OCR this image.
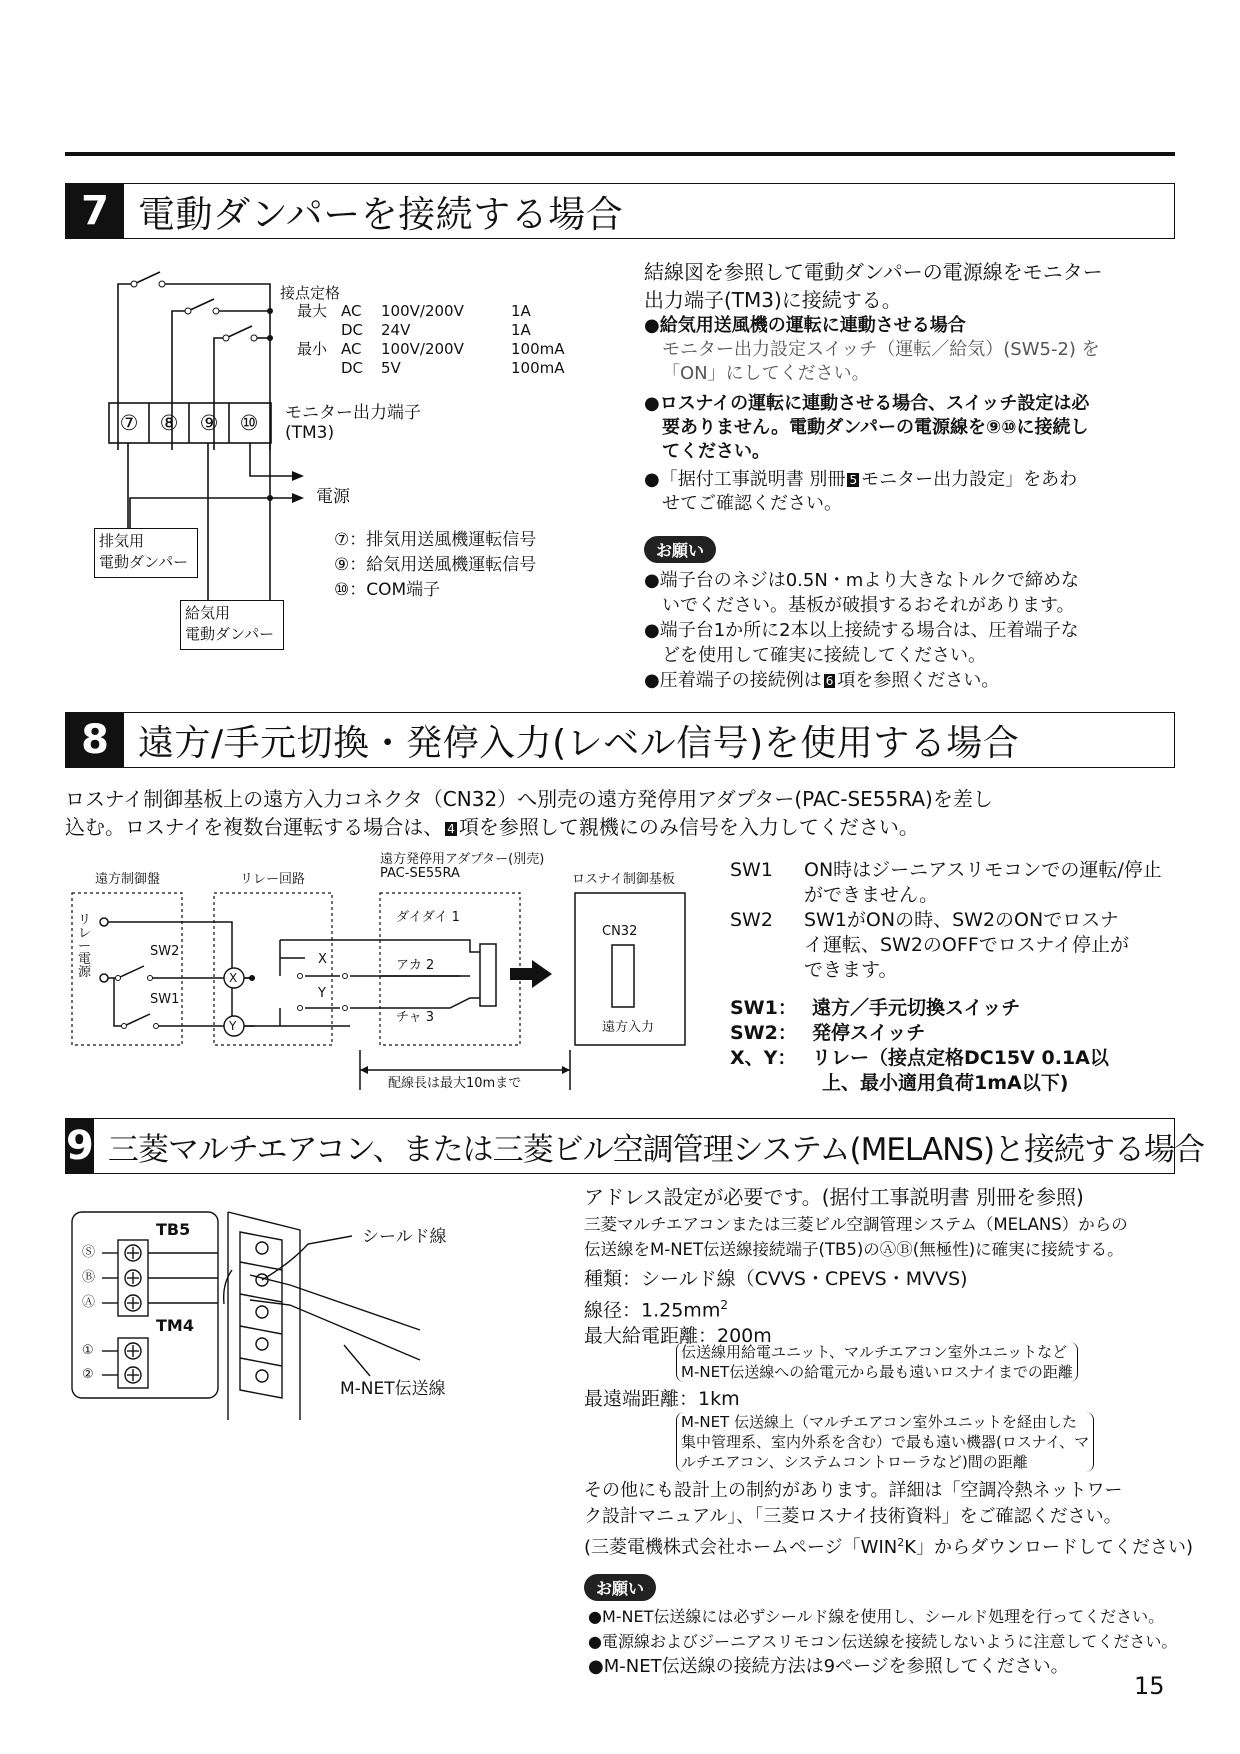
7 電動ダンパーを接続する場合
⑦	⑧	⑨	⑩
接点定格
最大 AC	100V/200V	1A
DC	24V	1A
最小 AC	100V/200V	100mA
DC	5V	100mA
モニター出力端子
(TM3)
電源
排気用
電動ダンパー
給気用
電動ダンパー
⑦：排気用送風機運転信号
⑨：給気用送風機運転信号
⑩：COM端子
結線図を参照して電動ダンパーの電源線をモニター
出力端子(TM3)に接続する。
●給気用送風機の運転に連動させる場合
モニター出力設定スイッチ（運転／給気）(SW5-2) を
「ON」にしてください。
●ロスナイの運転に連動させる場合、スイッチ設定は必
要ありません。電動ダンパーの電源線を⑨⑩に接続し
てください。
●「据付工事説明書 別冊 5 モニター出力設定」をあわ
せてご確認ください。
お願い
●端子台のネジは0.5N・mより大きなトルクで締めな
いでください。基板が破損するおそれがあります。
●端子台1か所に2本以上接続する場合は、圧着端子な
どを使用して確実に接続してください。
●圧着端子の接続例は 6 項を参照ください。
8 遠方/手元切換・発停入力(レベル信号)を使用する場合
ロスナイ制御基板上の遠方入力コネクタ（CN32）へ別売の遠方発停用アダプター(PAC-SE55RA)を差し
込む。ロスナイを複数台運転する場合は、 4 項を参照して親機にのみ信号を入力してください。
遠方制御盤	リレー回路
遠方発停用アダプター(別売)
PAC-SE55RA	ロスナイ制御基板
リレー電源
SW2
SW1
X
Y
X
Y
ダイダイ 1
アカ 2
チャ 3
CN32
遠方入力
配線長は最大10mまで
SW1	ON時はジーニアスリモコンでの運転/停止
ができません。
SW2	SW1がONの時、SW2のONでロスナ
イ運転、SW2のOFFでロスナイ停止が
できます。
SW1： 遠方／手元切換スイッチ
SW2： 発停スイッチ
X、Y： リレー（接点定格DC15V 0.1A以
上、最小適用負荷1mA以下)
9 三菱マルチエアコン、または三菱ビル空調管理システム(MELANS)と接続する場合
TB5
TM4
Ⓢ
Ⓑ
Ⓐ
①
②
シールド線
M-NET伝送線
アドレス設定が必要です。(据付工事説明書 別冊を参照)
三菱マルチエアコンまたは三菱ビル空調管理システム（MELANS）からの
伝送線をM-NET伝送線接続端子(TB5)のⒶⒷ(無極性)に確実に接続する。
種類：シールド線（CVVS・CPEVS・MVVS)
線径：$1.25mm^2$
最大給電距離：200m
伝送線用給電ユニット、マルチエアコン室外ユニットなど
M-NET伝送線への給電元から最も遠いロスナイまでの距離
最遠端距離：1km
M-NET 伝送線上（マルチエアコン室外ユニットを経由した
集中管理系、室内外系を含む）で最も遠い機器(ロスナイ、マ
ルチエアコン、システムコントローラなど)間の距離
その他にも設計上の制約があります。詳細は「空調冷熱ネットワー
ク設計マニュアル」、「三菱ロスナイ技術資料」をご確認ください。
(三菱電機株式会社ホームページ「WIN$^2$K」からダウンロードしてください)
お願い
●M-NET伝送線には必ずシールド線を使用し、シールド処理を行ってください。
●電源線およびジーニアスリモコン伝送線を接続しないように注意してください。
●M-NET伝送線の接続方法は9ページを参照してください。
15
